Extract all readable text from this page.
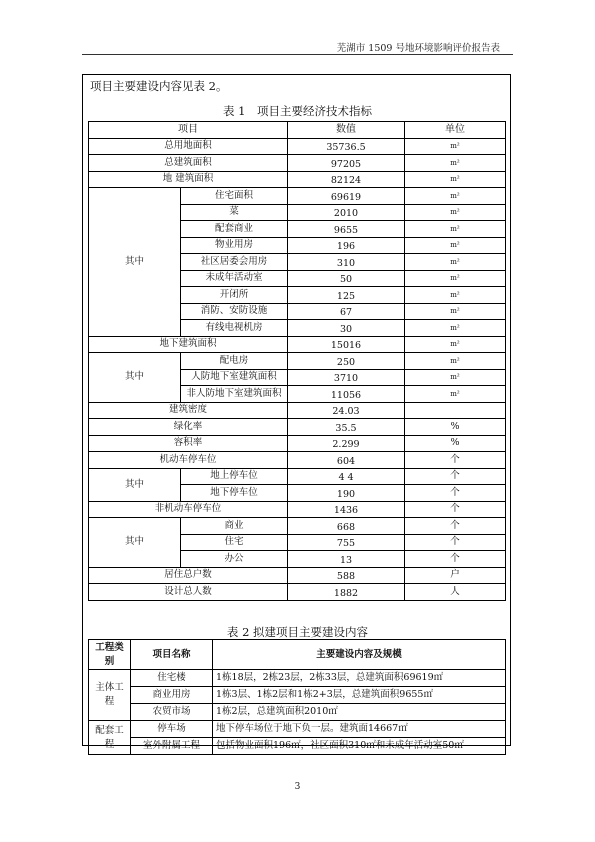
芜湖市 1509 号地环境影响评价报告表
项目主要建设内容见表 2。
表 1　项目主要经济技术指标
项目		数值	单位
总用地面积		35736.5	m²
总建筑面积		97205	m²
地 建筑面积		82124	m²
其中	住宅面积	69619	m²
	菜	2010	m²
	配套商业	9655	m²
	物业用房	196	m²
	社区居委会用房	310	m²
	未成年活动室	50	m²
	开闭所	125	m²
	消防、安防设施	67	m²
	有线电视机房	30	m²
地下建筑面积		15016	m²
其中	配电房	250	m²
	人防地下室建筑面积	3710	m²
	非人防地下室建筑面积	11056	m²
建筑密度		24.03	
绿化率		35.5	%
容积率		2.299	%
机动车停车位		604	个
其中	地上停车位	4 4	个
	地下停车位	190	个
非机动车停车位		1436	个
其中	商业	668	个
	住宅	755	个
	办公	13	个
居住总户数		588	户
设计总人数		1882	人
表 2 拟建项目主要建设内容
工程类别	项目名称	主要建设内容及规模
主体工程	住宅楼	1栋18层，2栋23层，2栋33层，总建筑面积69619㎡
	商业用房	1栋3层、1栋2层和1栋2+3层，总建筑面积9655㎡
	农贸市场	1栋2层，总建筑面积2010㎡
配套工程	停车场	地下停车场位于地下负一层。建筑面14667㎡
	室外附属工程	包括物业面积196㎡，社区面积310㎡和未成年活动室50㎡
3
